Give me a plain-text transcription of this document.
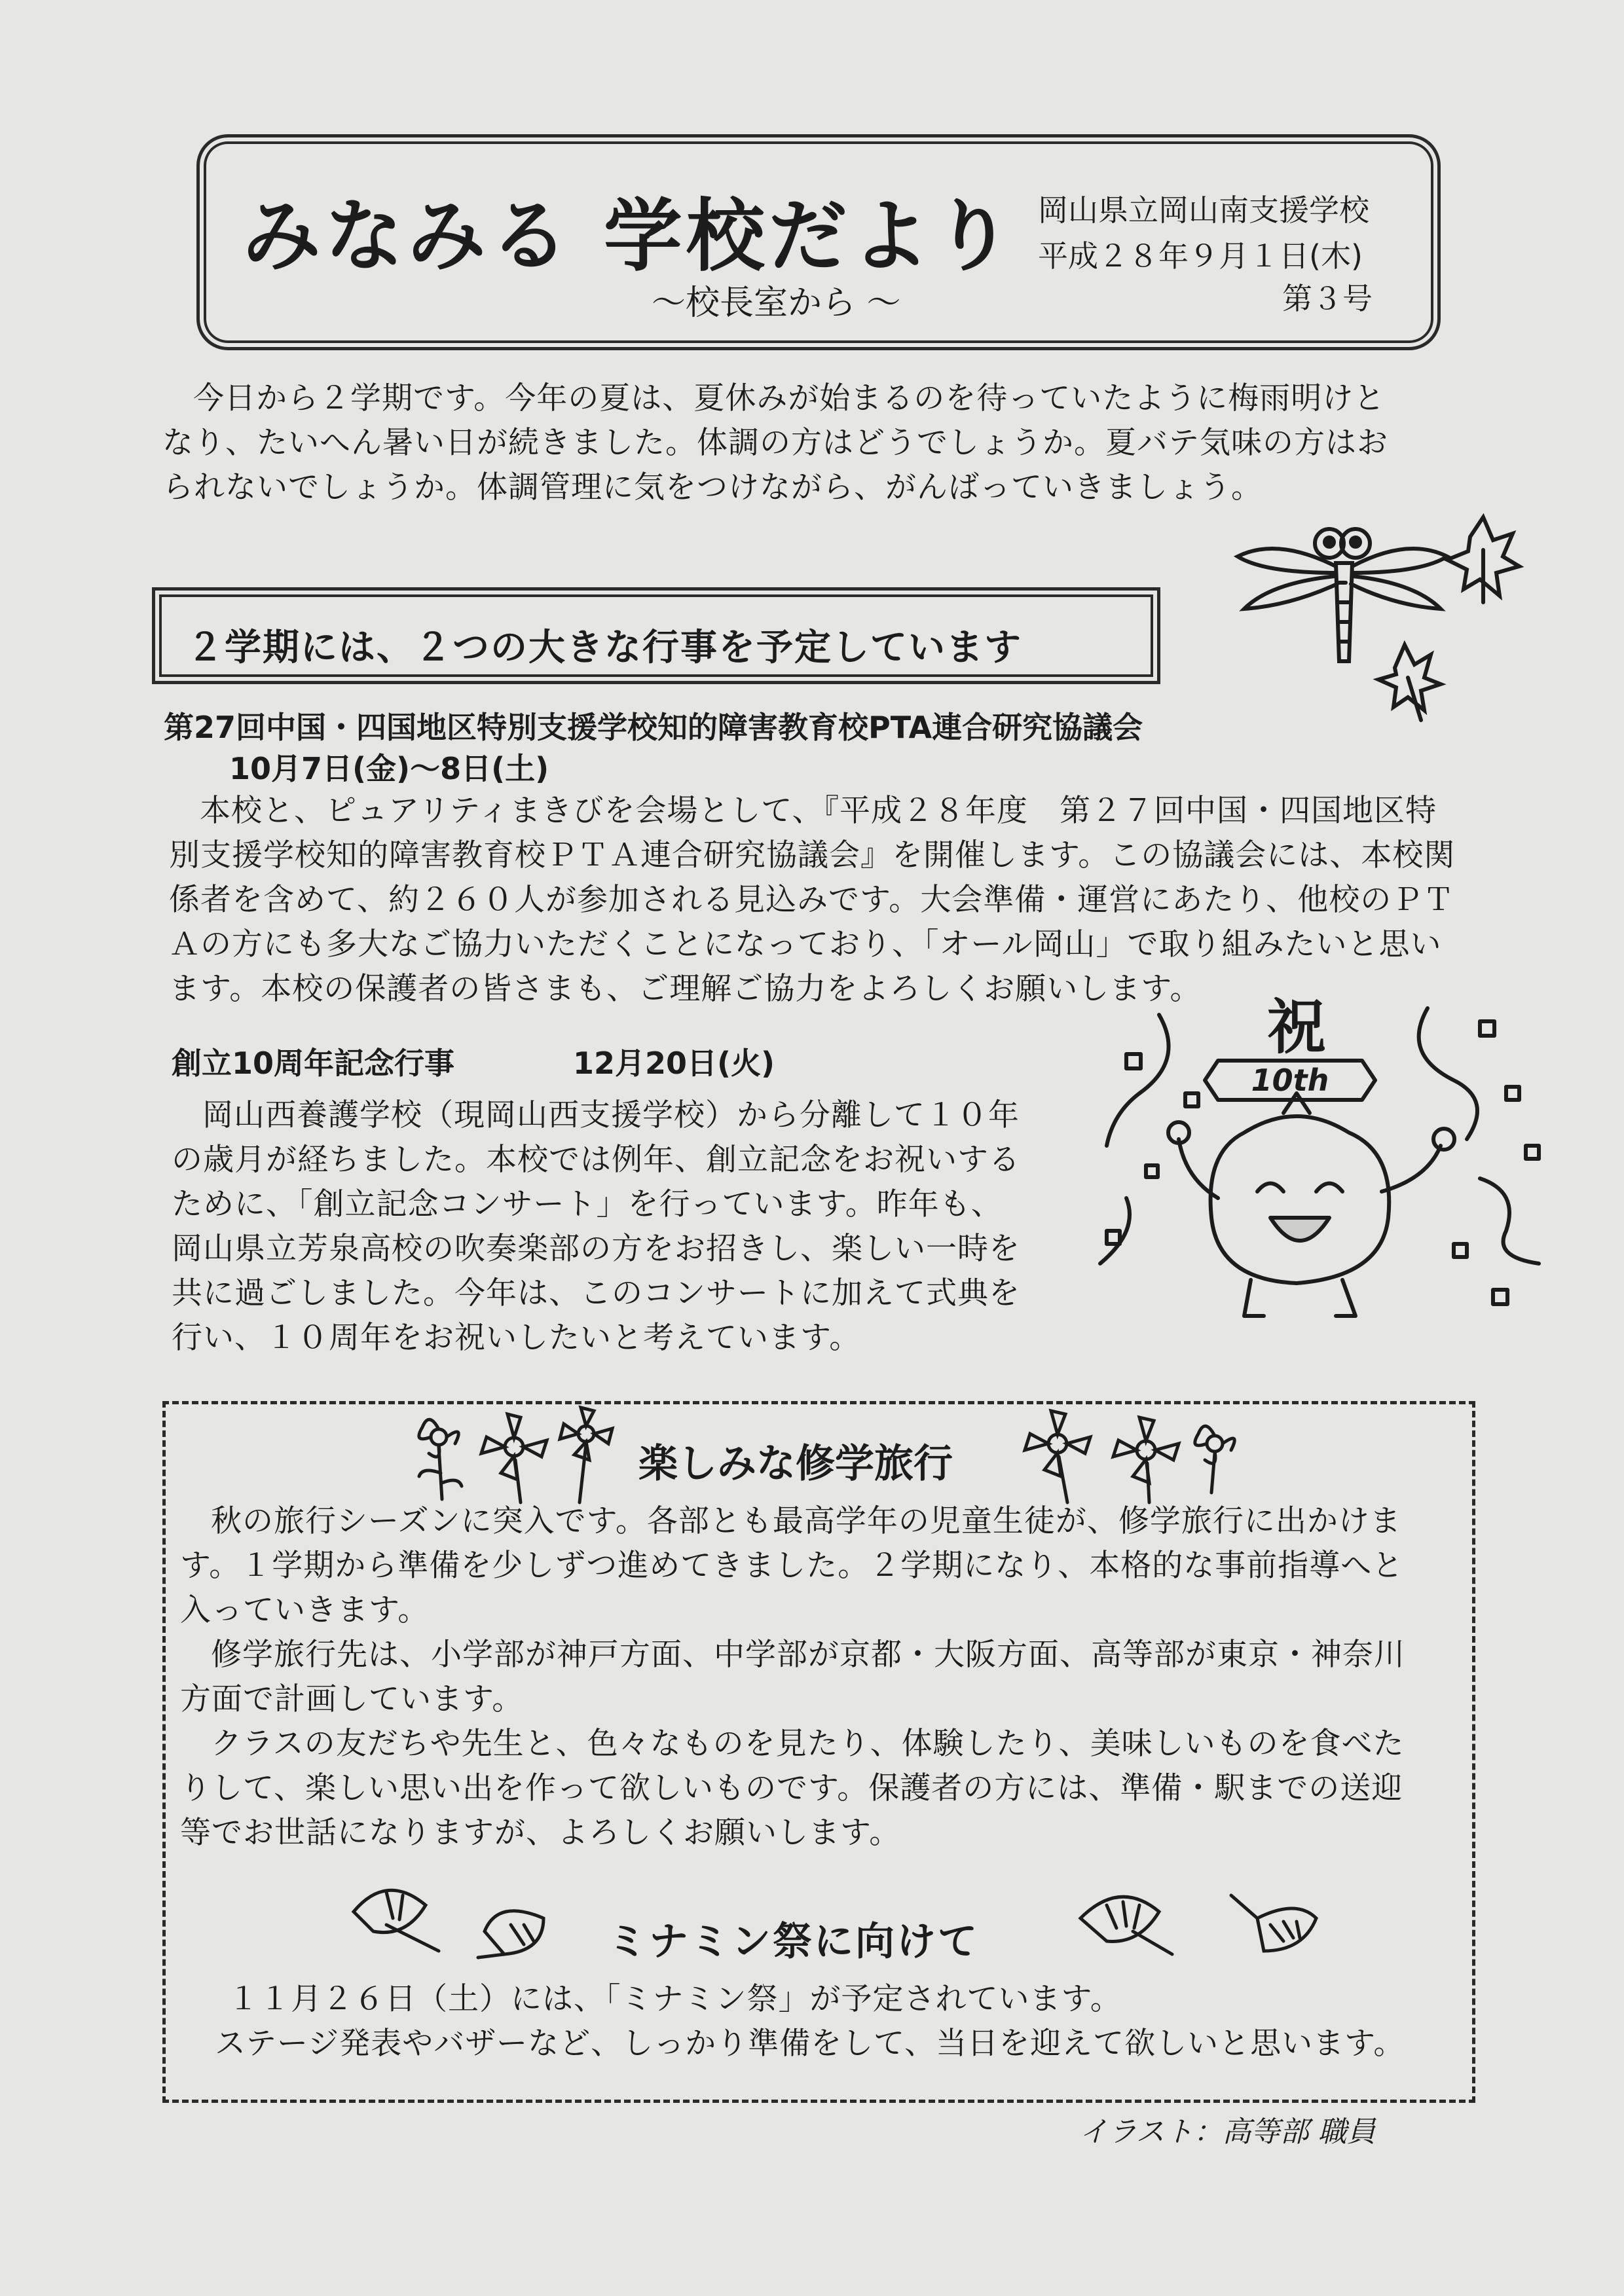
みなみる 学校だより
～校長室から ～
岡山県立岡山南支援学校
平成２８年９月１日(木)
第３号
今日から２学期です。今年の夏は、夏休みが始まるのを待っていたように梅雨明けと
なり、たいへん暑い日が続きました。体調の方はどうでしょうか。夏バテ気味の方はお
られないでしょうか。体調管理に気をつけながら、がんばっていきましょう。
２学期には、２つの大きな行事を予定しています
第27回中国・四国地区特別支援学校知的障害教育校PTA連合研究協議会
10月7日(金)～8日(土)
本校と、ピュアリティまきびを会場として、『平成２８年度　第２７回中国・四国地区特
別支援学校知的障害教育校ＰＴＡ連合研究協議会』を開催します。この協議会には、本校関
係者を含めて、約２６０人が参加される見込みです。大会準備・運営にあたり、他校のＰＴ
Ａの方にも多大なご協力いただくことになっており、「オール岡山」で取り組みたいと思い
ます。本校の保護者の皆さまも、ご理解ご協力をよろしくお願いします。
創立10周年記念行事	12月20日(火)
岡山西養護学校（現岡山西支援学校）から分離して１０年
の歳月が経ちました。本校では例年、創立記念をお祝いする
ために、「創立記念コンサート」を行っています。昨年も、
岡山県立芳泉高校の吹奏楽部の方をお招きし、楽しい一時を
共に過ごしました。今年は、このコンサートに加えて式典を
行い、１０周年をお祝いしたいと考えています。
祝
10th
楽しみな修学旅行
秋の旅行シーズンに突入です。各部とも最高学年の児童生徒が、修学旅行に出かけま
す。１学期から準備を少しずつ進めてきました。２学期になり、本格的な事前指導へと
入っていきます。
修学旅行先は、小学部が神戸方面、中学部が京都・大阪方面、高等部が東京・神奈川
方面で計画しています。
クラスの友だちや先生と、色々なものを見たり、体験したり、美味しいものを食べた
りして、楽しい思い出を作って欲しいものです。保護者の方には、準備・駅までの送迎
等でお世話になりますが、よろしくお願いします。
ミナミン祭に向けて
１１月２６日（土）には、「ミナミン祭」が予定されています。
ステージ発表やバザーなど、しっかり準備をして、当日を迎えて欲しいと思います。
イラスト：高等部 職員
